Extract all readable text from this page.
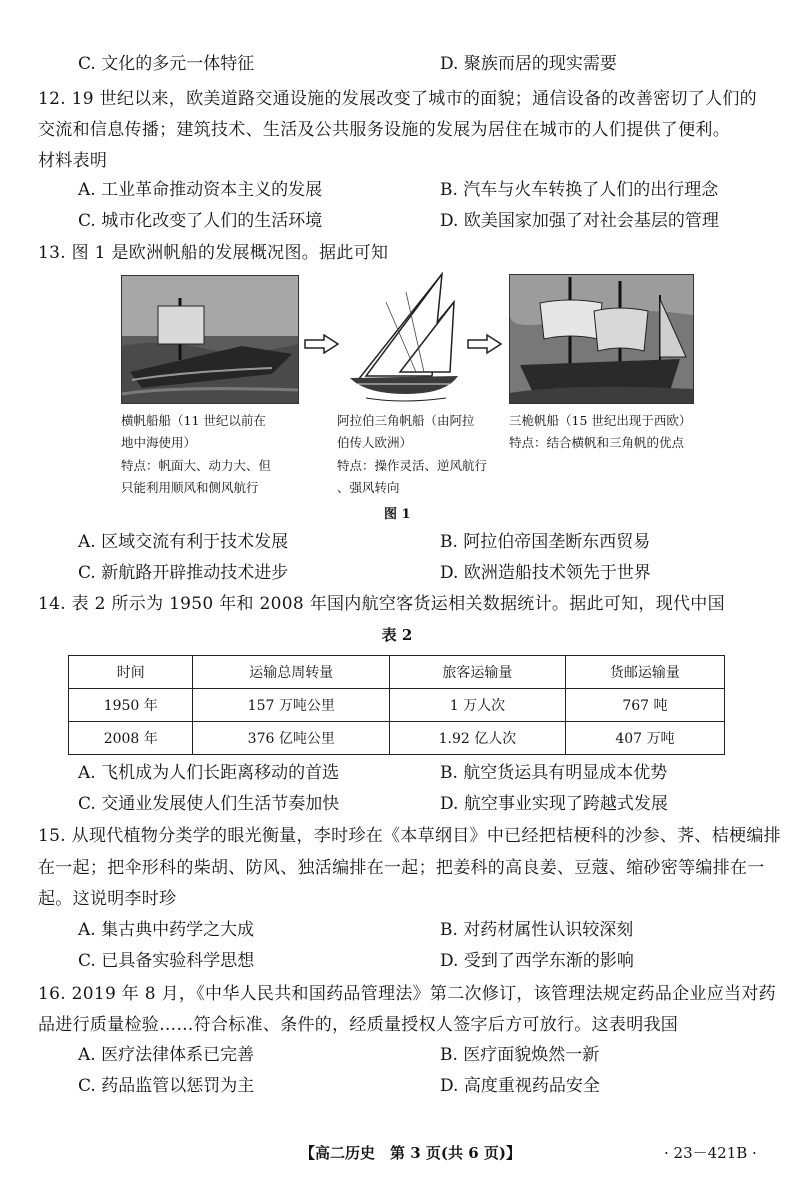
C. 文化的多元一体特征	D. 聚族而居的现实需要
12. 19 世纪以来，欧美道路交通设施的发展改变了城市的面貌；通信设备的改善密切了人们的
交流和信息传播；建筑技术、生活及公共服务设施的发展为居住在城市的人们提供了便利。
材料表明
A. 工业革命推动资本主义的发展	B. 汽车与火车转换了人们的出行理念
C. 城市化改变了人们的生活环境	D. 欧美国家加强了对社会基层的管理
13. 图 1 是欧洲帆船的发展概况图。据此可知
横帆船船（11 世纪以前在
地中海使用）
特点：帆面大、动力大、但
只能利用顺风和侧风航行
阿拉伯三角帆船（由阿拉
伯传人欧洲）
特点：操作灵活、逆风航行
、强风转向
三桅帆船（15 世纪出现于西欧）
特点：结合横帆和三角帆的优点
图 1
A. 区域交流有利于技术发展	B. 阿拉伯帝国垄断东西贸易
C. 新航路开辟推动技术进步	D. 欧洲造船技术领先于世界
14. 表 2 所示为 1950 年和 2008 年国内航空客货运相关数据统计。据此可知，现代中国
表 2
时间	运输总周转量	旅客运输量	货邮运输量
1950 年	157 万吨公里	1 万人次	767 吨
2008 年	376 亿吨公里	1.92 亿人次	407 万吨
A. 飞机成为人们长距离移动的首选	B. 航空货运具有明显成本优势
C. 交通业发展使人们生活节奏加快	D. 航空事业实现了跨越式发展
15. 从现代植物分类学的眼光衡量，李时珍在《本草纲目》中已经把桔梗科的沙参、荠、桔梗编排
在一起；把伞形科的柴胡、防风、独活编排在一起；把姜科的高良姜、豆蔻、缩砂密等编排在一
起。这说明李时珍
A. 集古典中药学之大成	B. 对药材属性认识较深刻
C. 已具备实验科学思想	D. 受到了西学东渐的影响
16. 2019 年 8 月，《中华人民共和国药品管理法》第二次修订，该管理法规定药品企业应当对药
品进行质量检验……符合标准、条件的，经质量授权人签字后方可放行。这表明我国
A. 医疗法律体系已完善	B. 医疗面貌焕然一新
C. 药品监管以惩罚为主	D. 高度重视药品安全
【高二历史　第 3 页(共 6 页)】	· 23－421B ·
